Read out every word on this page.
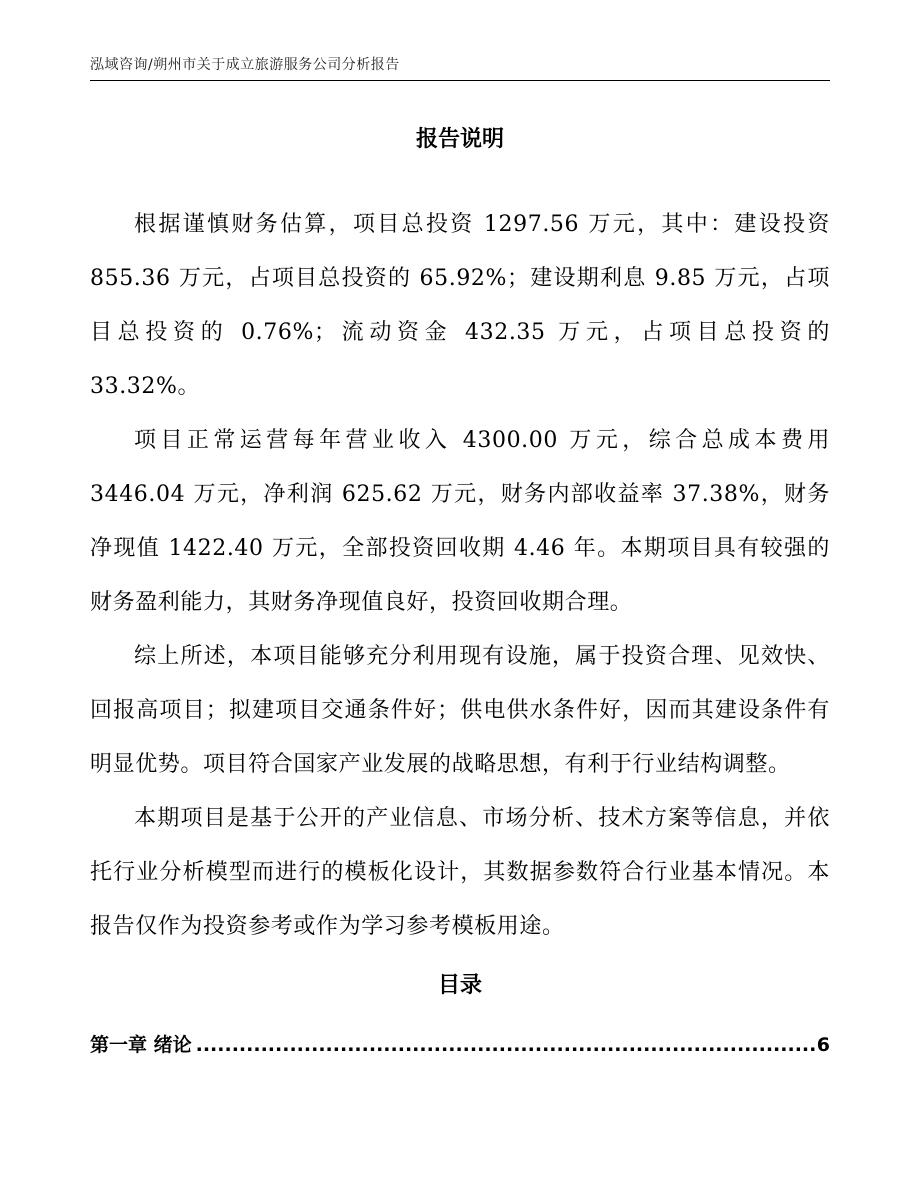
泓域咨询/朔州市关于成立旅游服务公司分析报告
报告说明

根据谨慎财务估算，项目总投资 1297.56 万元，其中：建设投资 855.36 万元，占项目总投资的 65.92%；建设期利息 9.85 万元，占项目总投资的 0.76%；流动资金 432.35 万元，占项目总投资的 33.32%。

项目正常运营每年营业收入 4300.00 万元，综合总成本费用 3446.04 万元，净利润 625.62 万元，财务内部收益率 37.38%，财务净现值 1422.40 万元，全部投资回收期 4.46 年。本期项目具有较强的财务盈利能力，其财务净现值良好，投资回收期合理。

综上所述，本项目能够充分利用现有设施，属于投资合理、见效快、回报高项目；拟建项目交通条件好；供电供水条件好，因而其建设条件有明显优势。项目符合国家产业发展的战略思想，有利于行业结构调整。

本期项目是基于公开的产业信息、市场分析、技术方案等信息，并依托行业分析模型而进行的模板化设计，其数据参数符合行业基本情况。本报告仅作为投资参考或作为学习参考模板用途。

目录
第一章 绪论
.....	6
